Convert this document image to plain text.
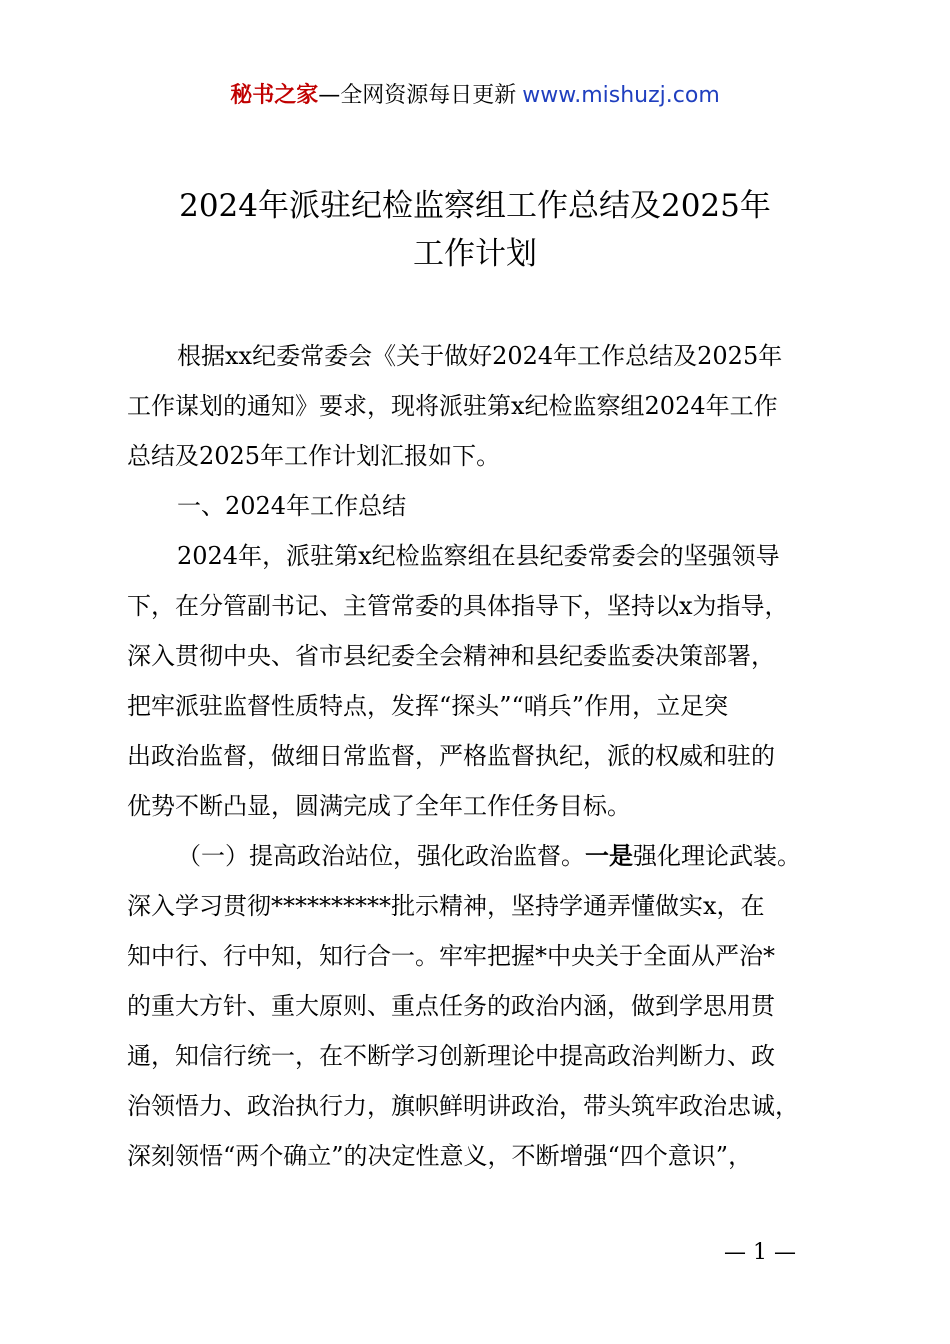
秘书之家—全网资源每日更新 www.mishuzj.com
2024年派驻纪检监察组工作总结及2025年
工作计划
根据xx纪委常委会《关于做好2024年工作总结及2025年
工作谋划的通知》要求，现将派驻第x纪检监察组2024年工作
总结及2025年工作计划汇报如下。
一、2024年工作总结
2024年，派驻第x纪检监察组在县纪委常委会的坚强领导
下，在分管副书记、主管常委的具体指导下，坚持以x为指导，
深入贯彻中央、省市县纪委全会精神和县纪委监委决策部署，
把牢派驻监督性质特点，发挥“探头”“哨兵”作用，立足突
出政治监督，做细日常监督，严格监督执纪，派的权威和驻的
优势不断凸显，圆满完成了全年工作任务目标。
（一）提高政治站位，强化政治监督。一是强化理论武装。
深入学习贯彻**********批示精神，坚持学通弄懂做实x，在
知中行、行中知，知行合一。牢牢把握*中央关于全面从严治*
的重大方针、重大原则、重点任务的政治内涵，做到学思用贯
通，知信行统一，在不断学习创新理论中提高政治判断力、政
治领悟力、政治执行力，旗帜鲜明讲政治，带头筑牢政治忠诚，
深刻领悟“两个确立”的决定性意义，不断增强“四个意识”，
— 1 —
